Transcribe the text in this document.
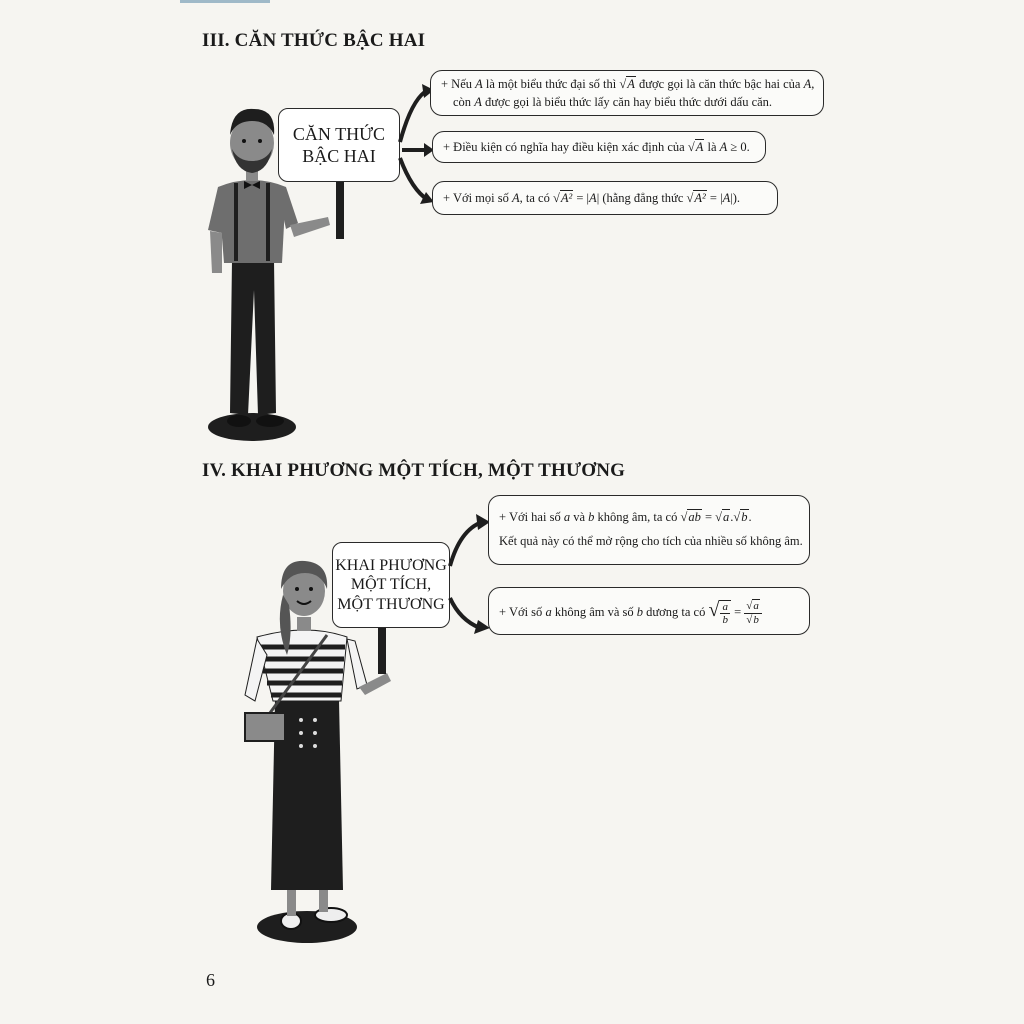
III. CĂN THỨC BẬC HAI
CĂN THỨC
BẬC HAI

+ Nếu A là một biểu thức đại số thì √A được gọi là căn thức bậc hai của A,

còn A được gọi là biểu thức lấy căn hay biểu thức dưới dấu căn.

+ Điều kiện có nghĩa hay điều kiện xác định của √A là A ≥ 0.

+ Với mọi số A, ta có √A² = |A| (hằng đẳng thức √A² = |A|).

IV. KHAI PHƯƠNG MỘT TÍCH, MỘT THƯƠNG
KHAI PHƯƠNG
MỘT TÍCH,
MỘT THƯƠNG

+ Với hai số a và b không âm, ta có √ab = √a.√b.

Kết quả này có thể mở rộng cho tích của nhiều số không âm.

+ Với số a không âm và số b dương ta có √ $\frac{a}{b} = \frac{√a}{√b}$

6
